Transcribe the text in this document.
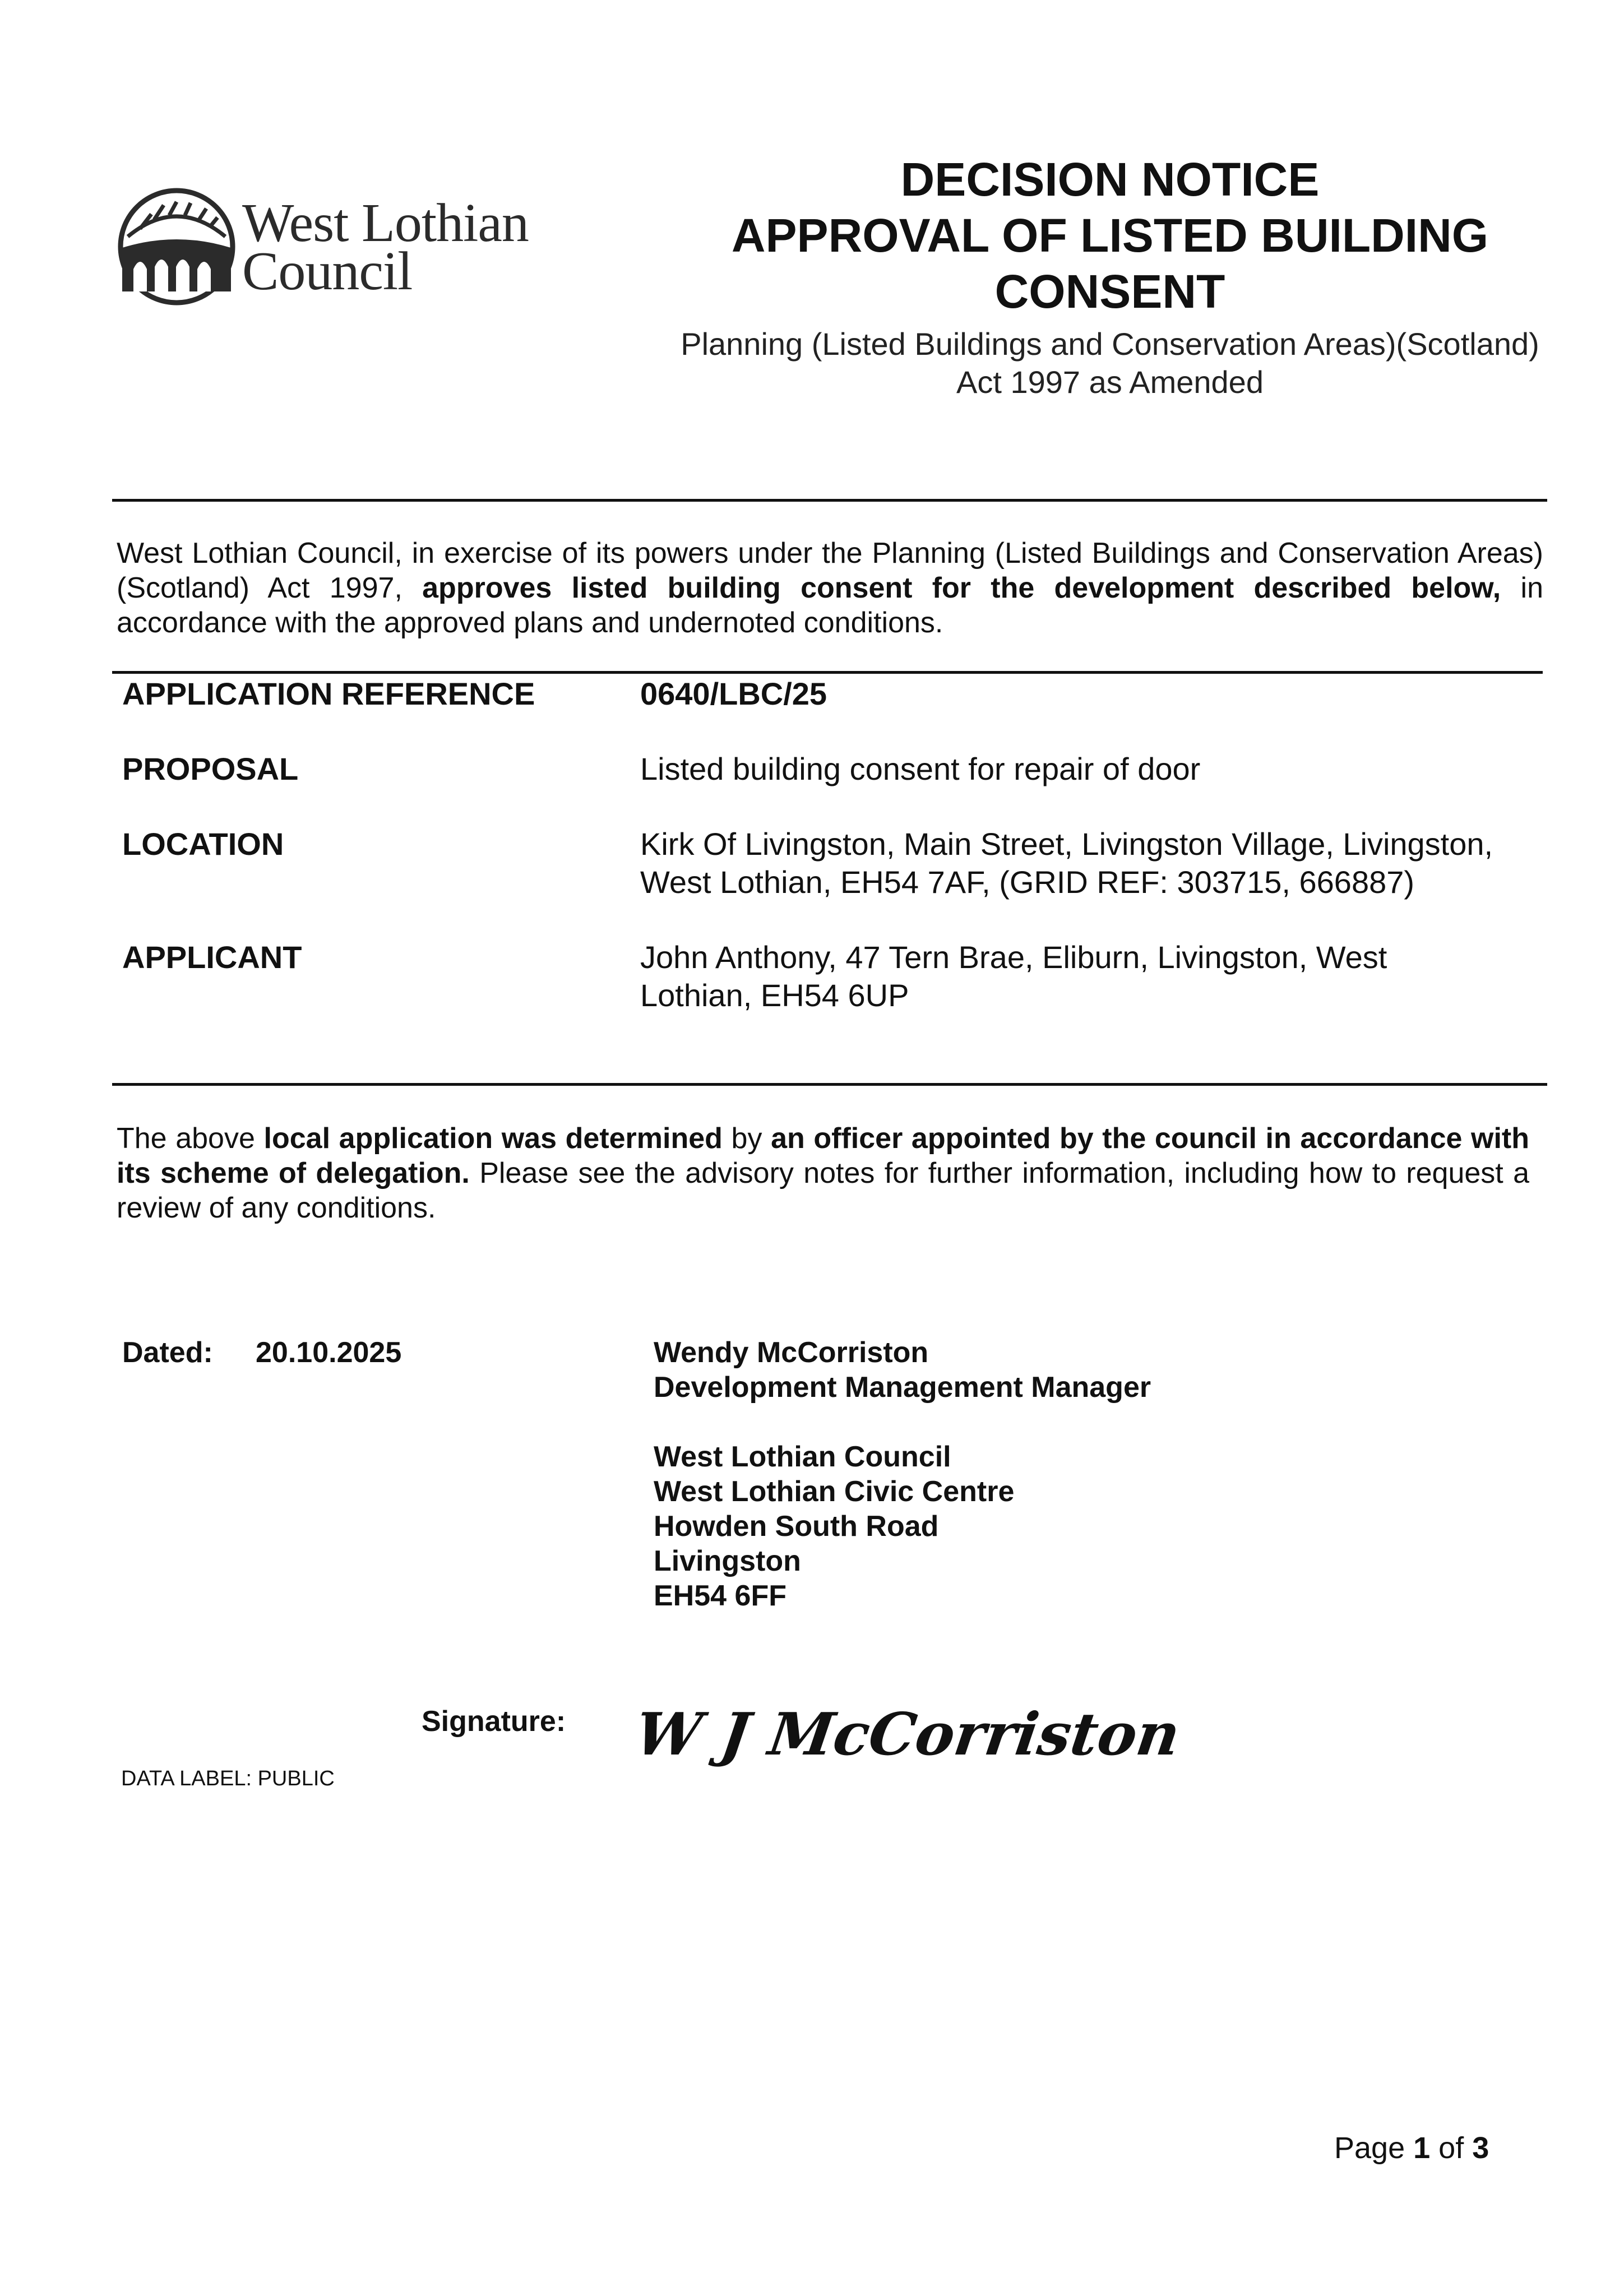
West Lothian
Council
DECISION NOTICE
APPROVAL OF LISTED BUILDING
CONSENT
Planning (Listed Buildings and Conservation Areas)(Scotland)
Act 1997 as Amended
West Lothian Council, in exercise of its powers under the Planning (Listed Buildings and Conservation Areas)(Scotland) Act 1997, approves listed building consent for the development described below, in accordance with the approved plans and undernoted conditions.
APPLICATION REFERENCE	0640/LBC/25
PROPOSAL	Listed building consent for repair of door
LOCATION	Kirk Of Livingston, Main Street, Livingston Village, Livingston,
West Lothian, EH54 7AF, (GRID REF: 303715, 666887)
APPLICANT	John Anthony, 47 Tern Brae, Eliburn, Livingston, West
Lothian, EH54 6UP
The above local application was determined by an officer appointed by the council in accordance with its scheme of delegation. Please see the advisory notes for further information, including how to request a review of any conditions.
Dated: 20.10.2025	Wendy McCorriston
Development Management Manager
West Lothian Council
West Lothian Civic Centre
Howden South Road
Livingston
EH54 6FF
Signature: W J McCorriston
DATA LABEL: PUBLIC
Page 1 of 3
